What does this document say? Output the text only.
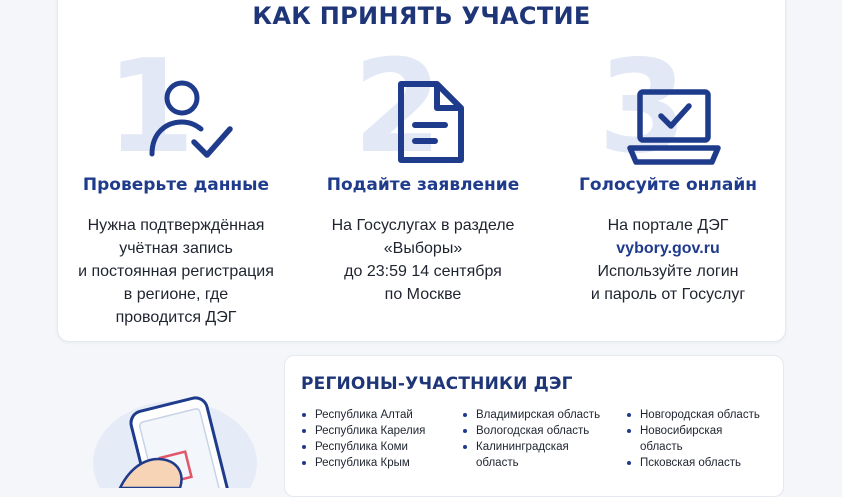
КАК ПРИНЯТЬ УЧАСТИЕ
1
Проверьте данные
Нужна подтверждённая
учётная запись
и постоянная регистрация
в регионе, где
проводится ДЭГ
2
Подайте заявление
На Госуслугах в разделе
«Выборы»
до 23:59 14 сентября
по Москве
3
Голосуйте онлайн
На портале ДЭГ
vybory.gov.ru
Используйте логин
и пароль от Госуслуг
РЕГИОНЫ-УЧАСТНИКИ ДЭГ
Республика Алтай
Республика Карелия
Республика Коми
Республика Крым
Владимирская область
Вологодская область
Калининградская область
Новгородская область
Новосибирская область
Псковская область
